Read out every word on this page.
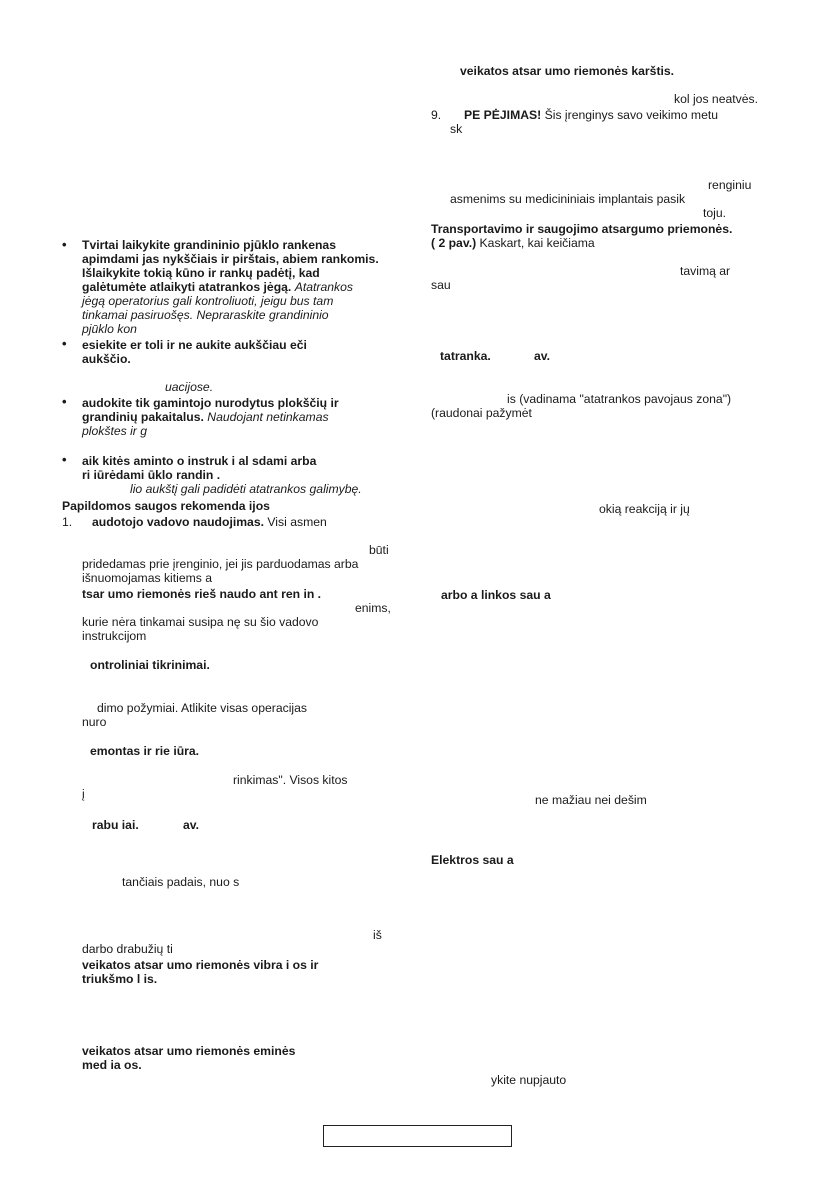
• Tvirtai laikykite grandininio pjūklo rankenas
apimdami jas nykščiais ir pirštais, abiem rankomis.
Išlaikykite tokią kūno ir rankų padėtį, kad
galėtumėte atlaikyti atatrankos jėgą. Atatrankos
jėgą operatorius gali kontroliuoti, jeigu bus tam
tinkamai pasiruošęs. Nepraraskite grandininio
pjūklo kon
• esiekite er toli ir ne aukite aukščiau eči
aukščio.
uacijose.
• audokite tik gamintojo nurodytus plokščių ir
grandinių pakaitalus. Naudojant netinkamas
plokštes ir g
• aik kitės aminto o instruk i al sdami arba
ri iūrėdami ūklo randin .
lio aukštį gali padidėti atatrankos galimybę.
Papildomos saugos rekomenda ijos
1. audotojo vadovo naudojimas. Visi asmen
būti
pridedamas prie įrenginio, jei jis parduodamas arba
išnuomojamas kitiems a
tsar umo riemonės rieš naudo ant ren in .
enims,
kurie nėra tinkamai susipa nę su šio vadovo
instrukcijom
ontroliniai tikrinimai.
dimo požymiai. Atlikite visas operacijas
nuro
emontas ir rie iūra.
rinkimas". Visos kitos
į
rabu iai.	av.
tančiais padais, nuo s
iš
darbo drabužių ti
veikatos atsar umo riemonės vibra i os ir
triukšmo l is.
veikatos atsar umo riemonės eminės
med ia os.
veikatos atsar umo riemonės karštis.
kol jos neatvės.
9. PE PĖJIMAS! Šis įrenginys savo veikimo metu
sk
renginiu
asmenims su medicininiais implantais pasik
toju.
Transportavimo ir saugojimo atsargumo priemonės.
( 2 pav.) Kaskart, kai keičiama
tavimą ar
sau
tatranka.	av.
is (vadinama "atatrankos pavojaus zona")
(raudonai pažymėt
okią reakciją ir jų
arbo a linkos sau a
ne mažiau nei dešim
Elektros sau a
ykite nupjauto
